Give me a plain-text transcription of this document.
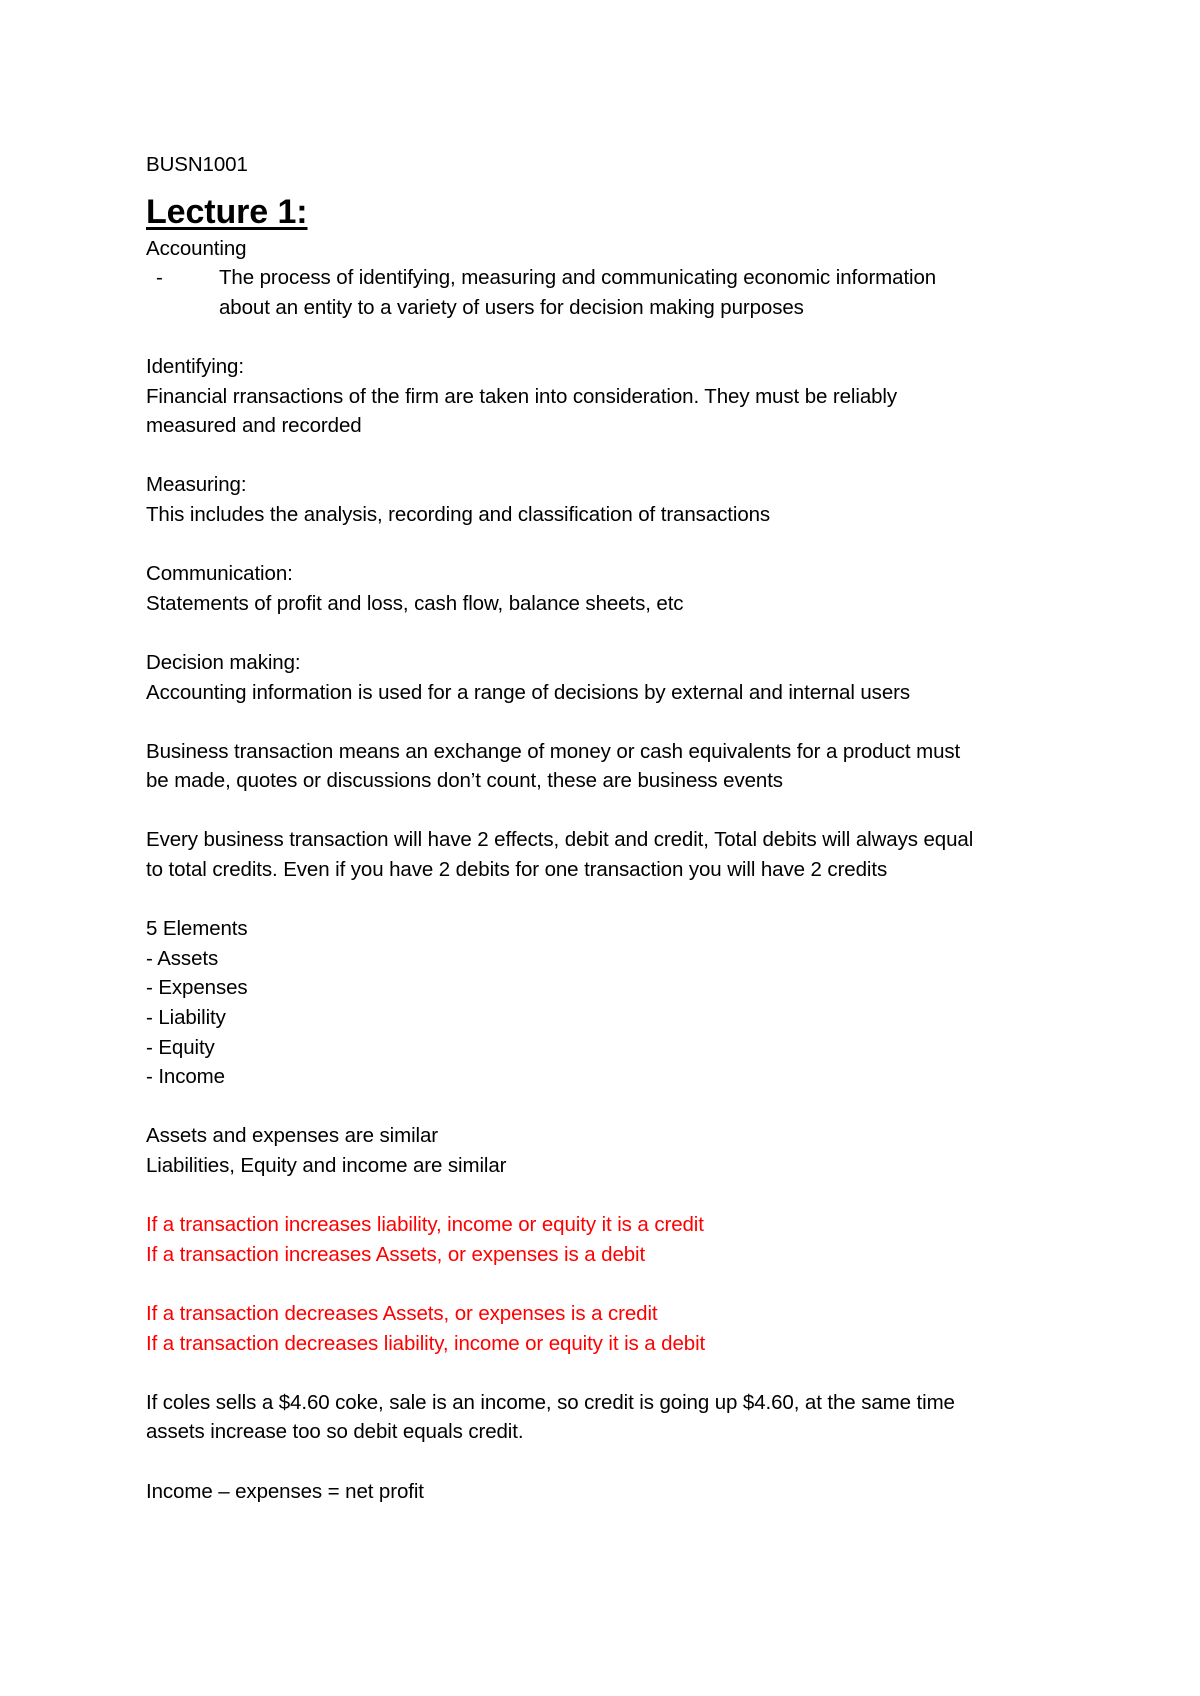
BUSN1001
Lecture 1:
Accounting
-	The process of identifying, measuring and communicating economic information
about an entity to a variety of users for decision making purposes
Identifying:
Financial rransactions of the firm are taken into consideration. They must be reliably
measured and recorded
Measuring:
This includes the analysis, recording and classification of transactions
Communication:
Statements of profit and loss, cash flow, balance sheets, etc
Decision making:
Accounting information is used for a range of decisions by external and internal users
Business transaction means an exchange of money or cash equivalents for a product must
be made, quotes or discussions don’t count, these are business events
Every business transaction will have 2 effects, debit and credit, Total debits will always equal
to total credits. Even if you have 2 debits for one transaction you will have 2 credits
5 Elements
- Assets
- Expenses
- Liability
- Equity
- Income
Assets and expenses are similar
Liabilities, Equity and income are similar
If a transaction increases liability, income or equity it is a credit
If a transaction increases Assets, or expenses is a debit
If a transaction decreases Assets, or expenses is a credit
If a transaction decreases liability, income or equity it is a debit
If coles sells a $4.60 coke, sale is an income, so credit is going up $4.60, at the same time
assets increase too so debit equals credit.
Income – expenses = net profit
